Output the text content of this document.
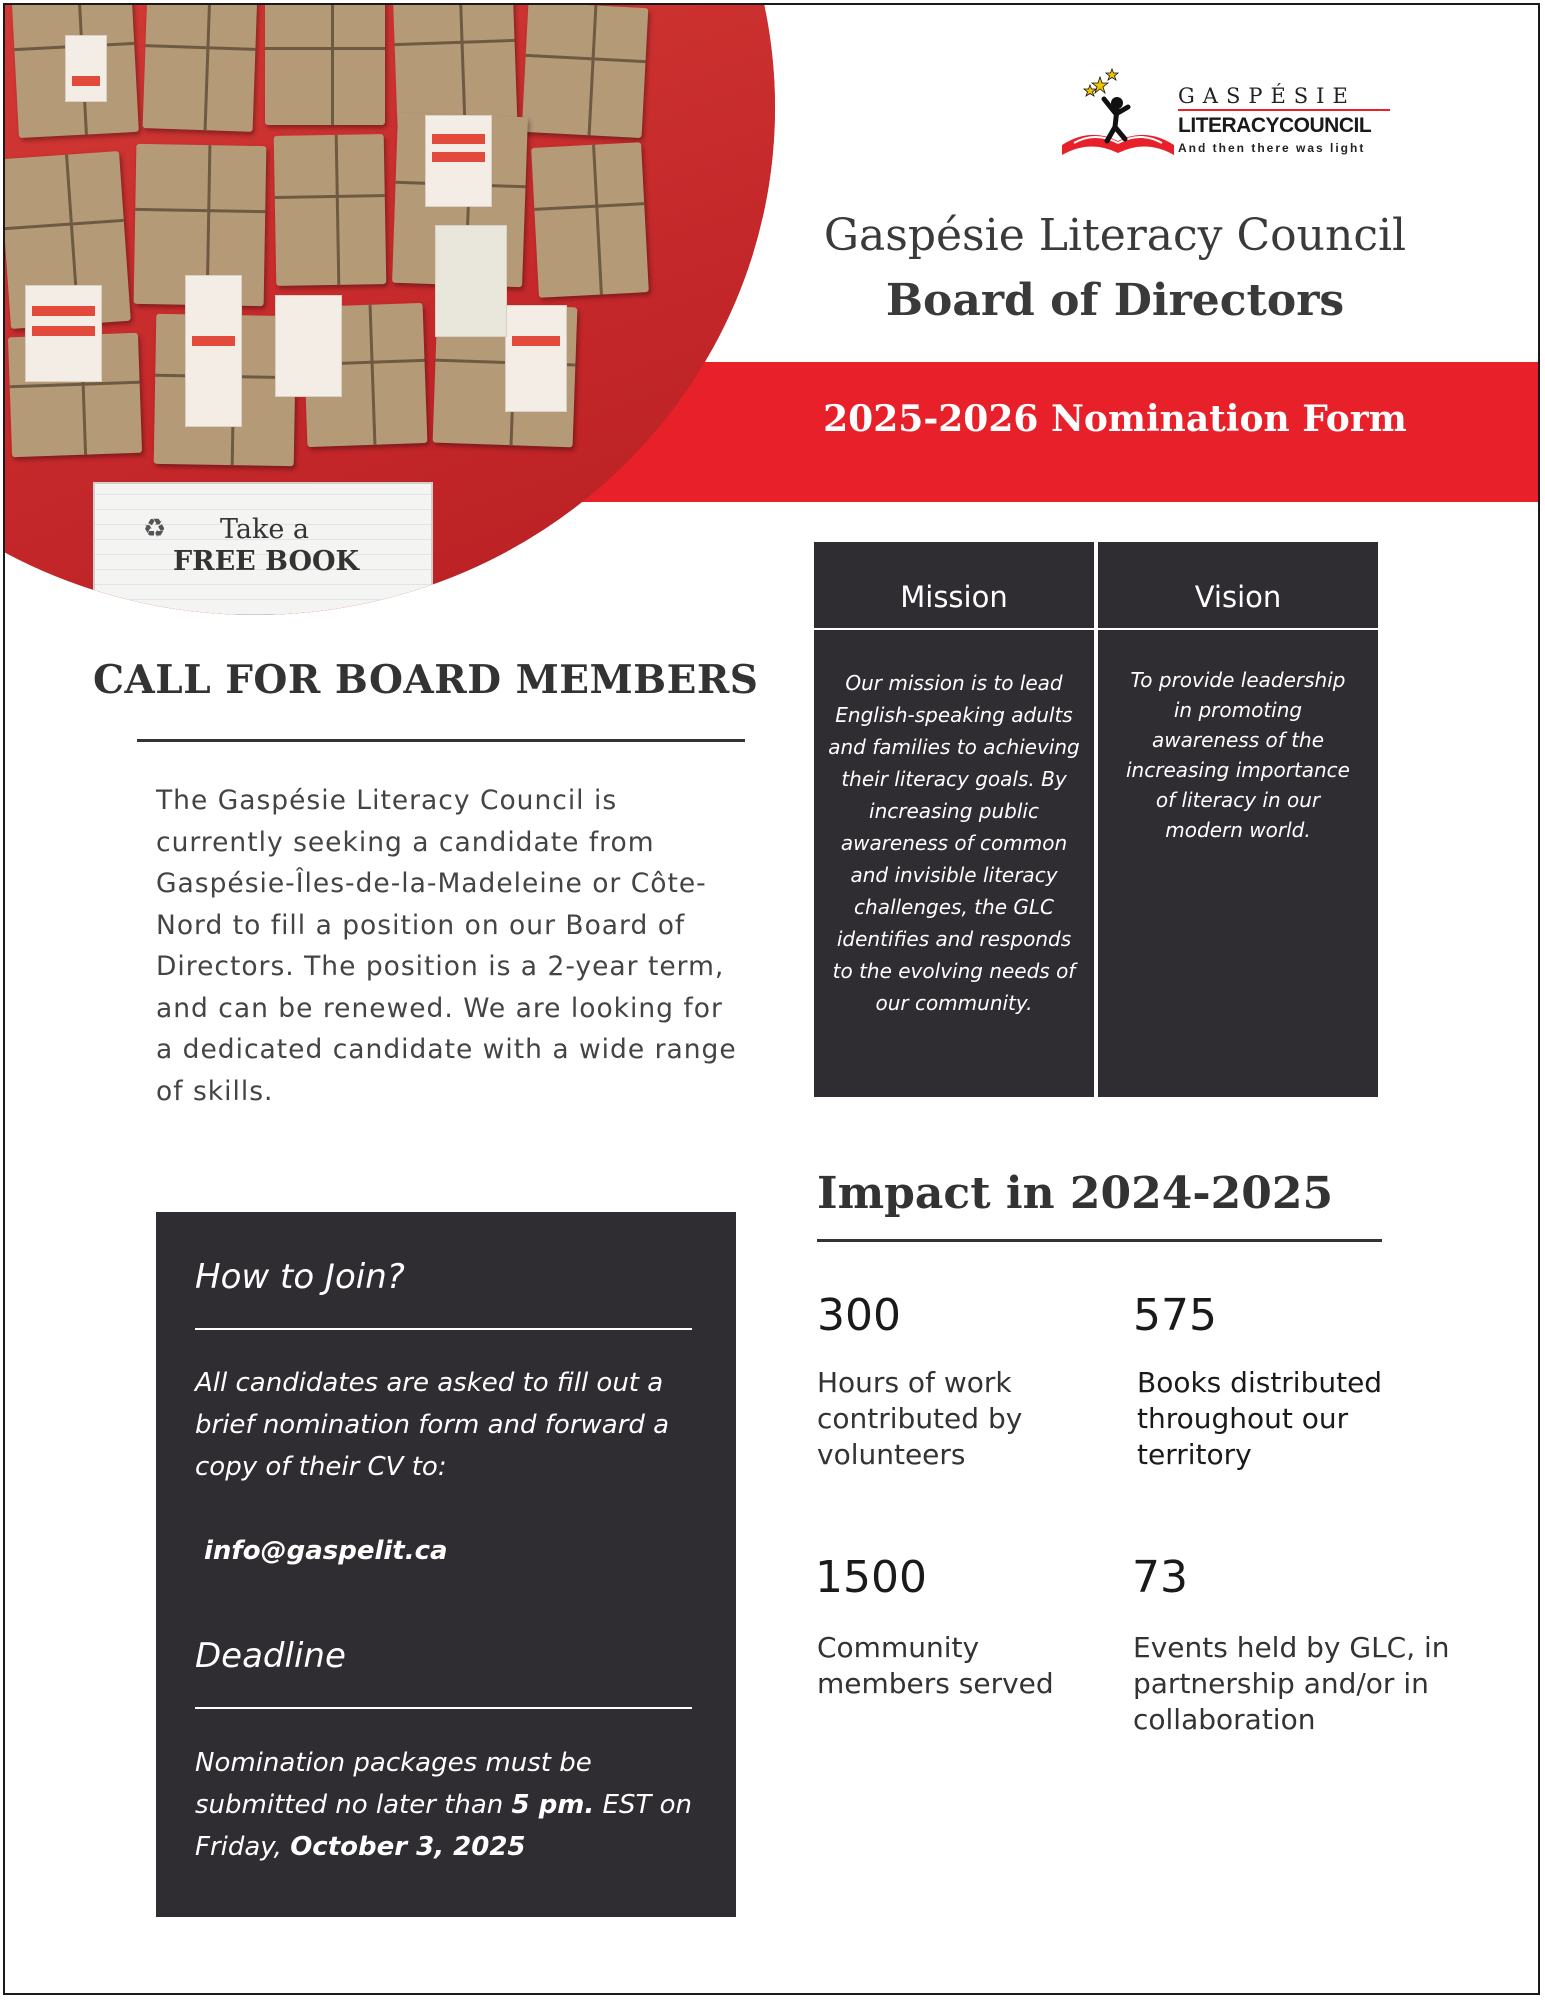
♻ Take a
FREE BOOK
GASPÉSIE
LITERACYCOUNCIL
And then there was light
Gaspésie Literacy Council
Board of Directors
2025-2026 Nomination Form
CALL FOR BOARD MEMBERS
The Gaspésie Literacy Council is currently seeking a candidate from Gaspésie-Îles-de-la-Madeleine or Côte-Nord to fill a position on our Board of Directors. The position is a 2-year term, and can be renewed. We are looking for a dedicated candidate with a wide range of skills.
Mission
Our mission is to lead English-speaking adults and families to achieving their literacy goals. By increasing public awareness of common and invisible literacy challenges, the GLC identifies and responds to the evolving needs of our community.
Vision
To provide leadership in promoting awareness of the increasing importance of literacy in our modern world.
Impact in 2024-2025
300
Hours of work contributed by volunteers
575
Books distributed throughout our territory
1500
Community members served
73
Events held by GLC, in partnership and/or in collaboration
How to Join?
All candidates are asked to fill out a brief nomination form and forward a copy of their CV to:
info@gaspelit.ca
Deadline
Nomination packages must be submitted no later than 5 pm. EST on Friday, October 3, 2025
